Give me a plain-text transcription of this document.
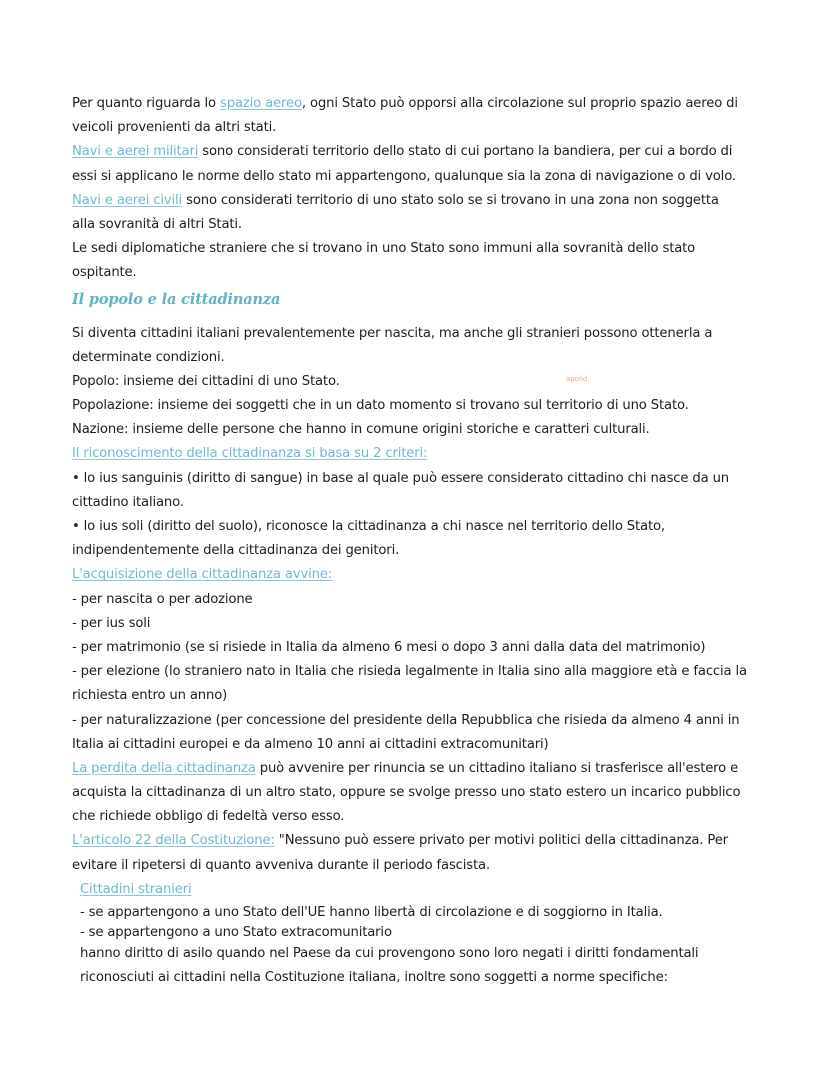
apolid.
Per quanto riguarda lo spazio aereo, ogni Stato può opporsi alla circolazione sul proprio spazio aereo di
veicoli provenienti da altri stati.
Navi e aerei militari sono considerati territorio dello stato di cui portano la bandiera, per cui a bordo di
essi si applicano le norme dello stato mi appartengono, qualunque sia la zona di navigazione o di volo.
Navi e aerei civili sono considerati territorio di uno stato solo se si trovano in una zona non soggetta
alla sovranità di altri Stati.
Le sedi diplomatiche straniere che si trovano in uno Stato sono immuni alla sovranità dello stato
ospitante.
Il popolo e la cittadinanza
Si diventa cittadini italiani prevalentemente per nascita, ma anche gli stranieri possono ottenerla a
determinate condizioni.
Popolo: insieme dei cittadini di uno Stato.
Popolazione: insieme dei soggetti che in un dato momento si trovano sul territorio di uno Stato.
Nazione: insieme delle persone che hanno in comune origini storiche e caratteri culturali.
Il riconoscimento della cittadinanza si basa su 2 criteri:
• lo ius sanguinis (diritto di sangue) in base al quale può essere considerato cittadino chi nasce da un
cittadino italiano.
• lo ius soli (diritto del suolo), riconosce la cittadinanza a chi nasce nel territorio dello Stato,
indipendentemente della cittadinanza dei genitori.
L'acquisizione della cittadinanza avvine:
- per nascita o per adozione
- per ius soli
- per matrimonio (se si risiede in Italia da almeno 6 mesi o dopo 3 anni dalla data del matrimonio)
- per elezione (lo straniero nato in Italia che risieda legalmente in Italia sino alla maggiore età e faccia la
richiesta entro un anno)
- per naturalizzazione (per concessione del presidente della Repubblica che risieda da almeno 4 anni in
Italia ai cittadini europei e da almeno 10 anni ai cittadini extracomunitari)
La perdita della cittadinanza può avvenire per rinuncia se un cittadino italiano si trasferisce all'estero e
acquista la cittadinanza di un altro stato, oppure se svolge presso uno stato estero un incarico pubblico
che richiede obbligo di fedeltà verso esso.
L'articolo 22 della Costituzione: "Nessuno può essere privato per motivi politici della cittadinanza. Per
evitare il ripetersi di quanto avveniva durante il periodo fascista.
Cittadini stranieri
- se appartengono a uno Stato dell'UE hanno libertà di circolazione e di soggiorno in Italia.
- se appartengono a uno Stato extracomunitario
hanno diritto di asilo quando nel Paese da cui provengono sono loro negati i diritti fondamentali
riconosciuti ai cittadini nella Costituzione italiana, inoltre sono soggetti a norme specifiche:
